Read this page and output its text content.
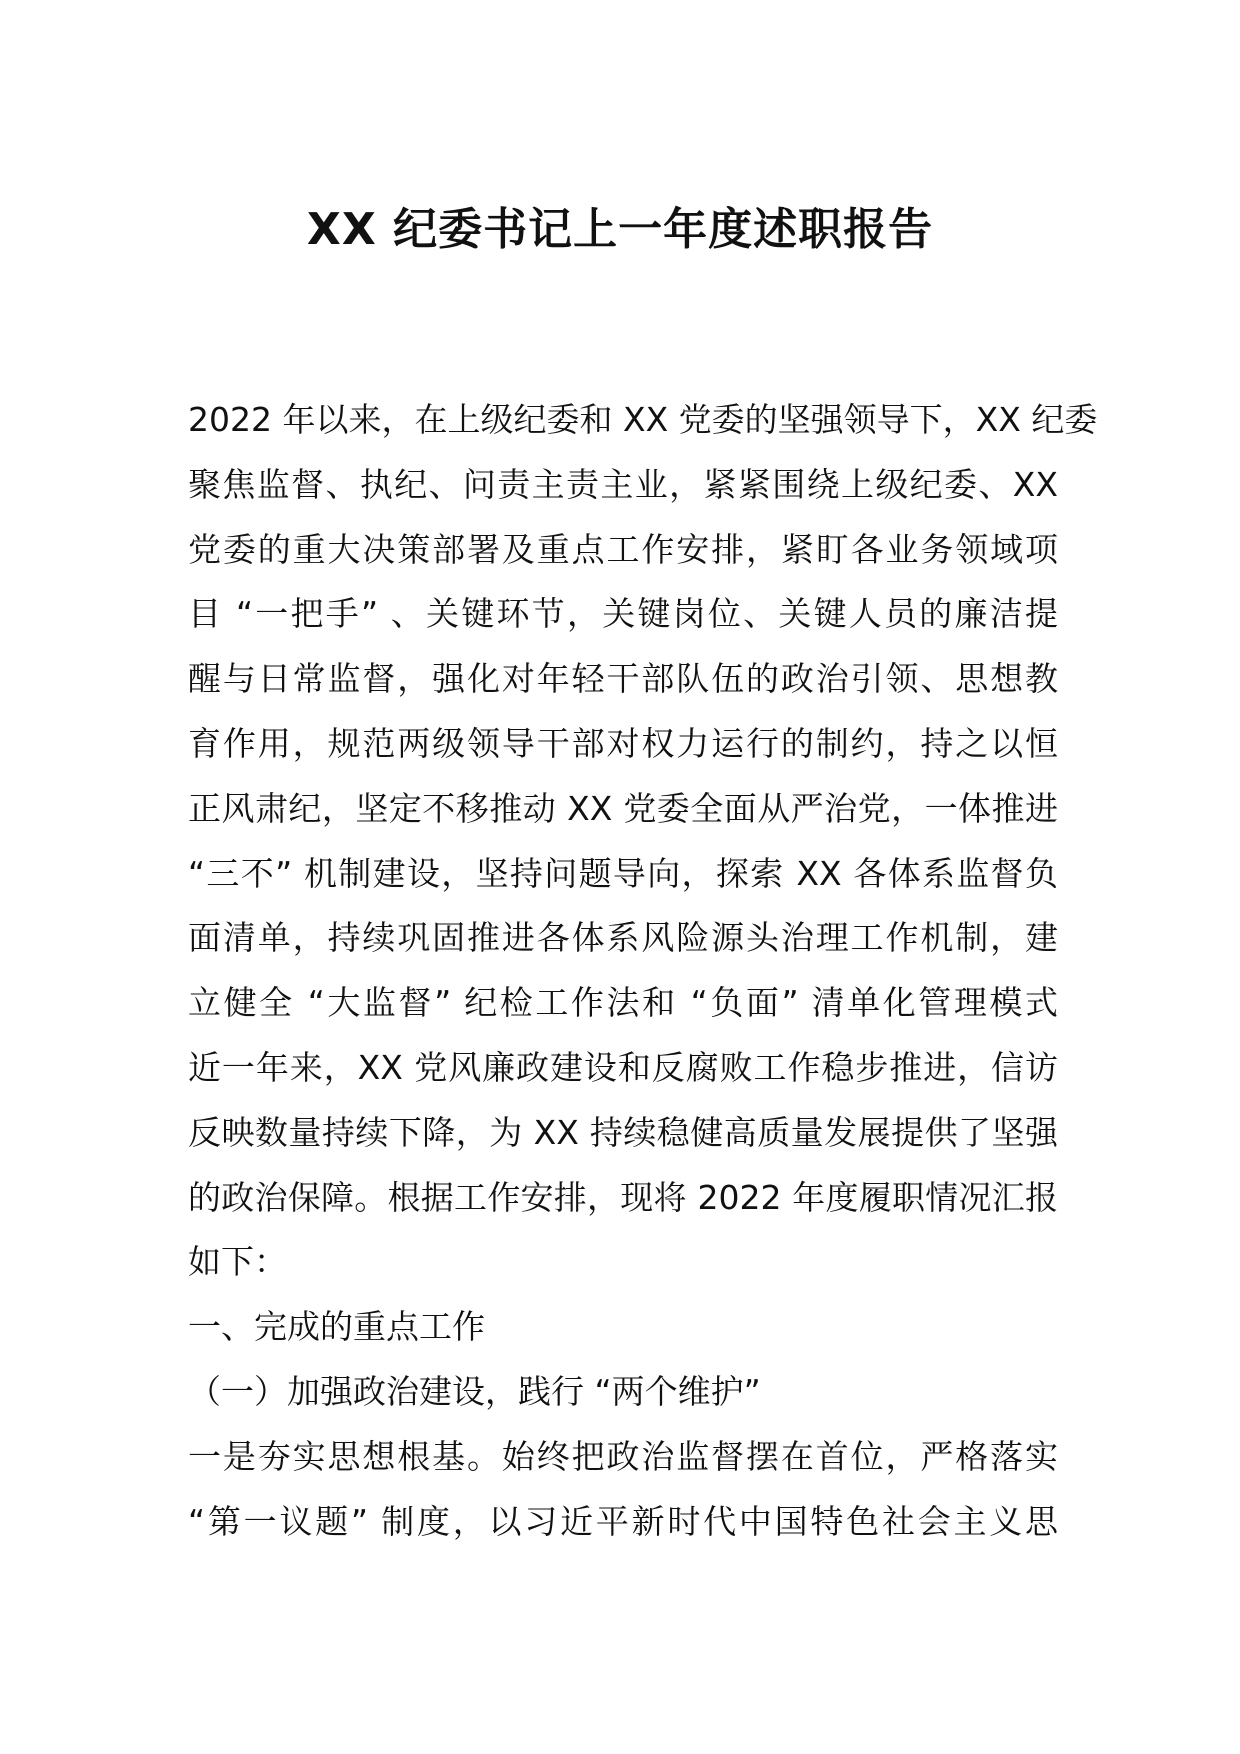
XX 纪委书记上一年度述职报告
2022 年以来，在上级纪委和 XX 党委的坚强领导下，XX 纪委
聚焦监督、执纪、问责主责主业，紧紧围绕上级纪委、XX
党委的重大决策部署及重点工作安排，紧盯各业务领域项
目 “一把手” 、关键环节，关键岗位、关键人员的廉洁提
醒与日常监督，强化对年轻干部队伍的政治引领、思想教
育作用，规范两级领导干部对权力运行的制约，持之以恒
正风肃纪，坚定不移推动 XX 党委全面从严治党，一体推进
“三不” 机制建设，坚持问题导向，探索 XX 各体系监督负
面清单，持续巩固推进各体系风险源头治理工作机制，建
立健全 “大监督” 纪检工作法和 “负面” 清单化管理模式
近一年来，XX 党风廉政建设和反腐败工作稳步推进，信访
反映数量持续下降，为 XX 持续稳健高质量发展提供了坚强
的政治保障。根据工作安排，现将 2022 年度履职情况汇报
如下：
一、完成的重点工作
（一）加强政治建设，践行 “两个维护”
一是夯实思想根基。始终把政治监督摆在首位，严格落实
“第一议题” 制度，以习近平新时代中国特色社会主义思
